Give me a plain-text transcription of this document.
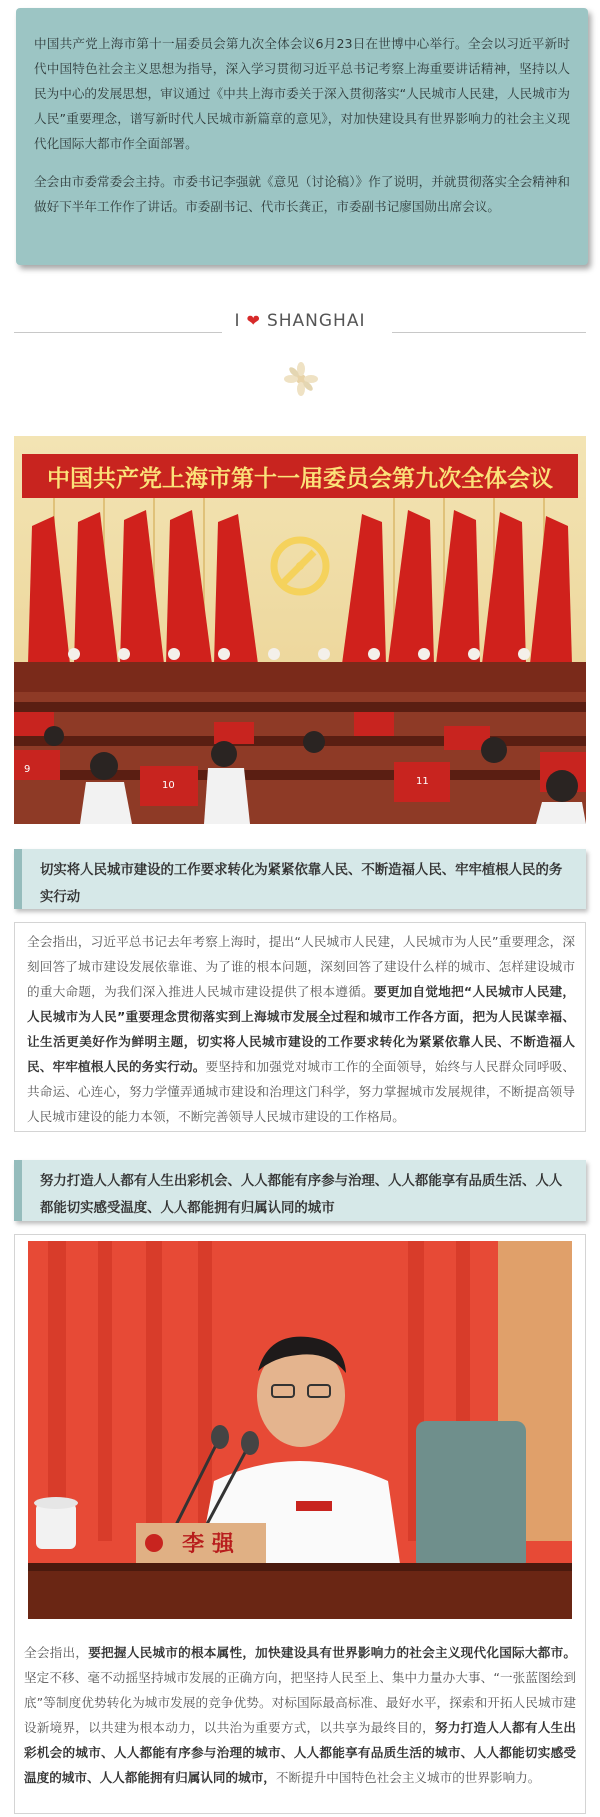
中国共产党上海市第十一届委员会第九次全体会议6月23日在世博中心举行。全会以习近平新时代中国特色社会主义思想为指导，深入学习贯彻习近平总书记考察上海重要讲话精神，坚持以人民为中心的发展思想，审议通过《中共上海市委关于深入贯彻落实“人民城市人民建，人民城市为人民”重要理念，谱写新时代人民城市新篇章的意见》，对加快建设具有世界影响力的社会主义现代化国际大都市作全面部署。

全会由市委常委会主持。市委书记李强就《意见（讨论稿）》作了说明，并就贯彻落实全会精神和做好下半年工作作了讲话。市委副书记、代市长龚正，市委副书记廖国勋出席会议。

I ❤ SHANGHAI
中国共产党上海市第十一届委员会第九次全体会议
9
10	11
切实将人民城市建设的工作要求转化为紧紧依靠人民、不断造福人民、牢牢植根人民的务实行动

全会指出，习近平总书记去年考察上海时，提出“人民城市人民建，人民城市为人民”重要理念，深刻回答了城市建设发展依靠谁、为了谁的根本问题，深刻回答了建设什么样的城市、怎样建设城市的重大命题，为我们深入推进人民城市建设提供了根本遵循。要更加自觉地把“人民城市人民建，人民城市为人民”重要理念贯彻落实到上海城市发展全过程和城市工作各方面，把为人民谋幸福、让生活更美好作为鲜明主题，切实将人民城市建设的工作要求转化为紧紧依靠人民、不断造福人民、牢牢植根人民的务实行动。要坚持和加强党对城市工作的全面领导，始终与人民群众同呼吸、共命运、心连心，努力学懂弄通城市建设和治理这门科学，努力掌握城市发展规律，不断提高领导人民城市建设的能力本领，不断完善领导人民城市建设的工作格局。

努力打造人人都有人生出彩机会、人人都能有序参与治理、人人都能享有品质生活、人人都能切实感受温度、人人都能拥有归属认同的城市
李 强

全会指出，要把握人民城市的根本属性，加快建设具有世界影响力的社会主义现代化国际大都市。坚定不移、毫不动摇坚持城市发展的正确方向，把坚持人民至上、集中力量办大事、“一张蓝图绘到底”等制度优势转化为城市发展的竞争优势。对标国际最高标准、最好水平，探索和开拓人民城市建设新境界，以共建为根本动力，以共治为重要方式，以共享为最终目的，努力打造人人都有人生出彩机会的城市、人人都能有序参与治理的城市、人人都能享有品质生活的城市、人人都能切实感受温度的城市、人人都能拥有归属认同的城市，不断提升中国特色社会主义城市的世界影响力。
